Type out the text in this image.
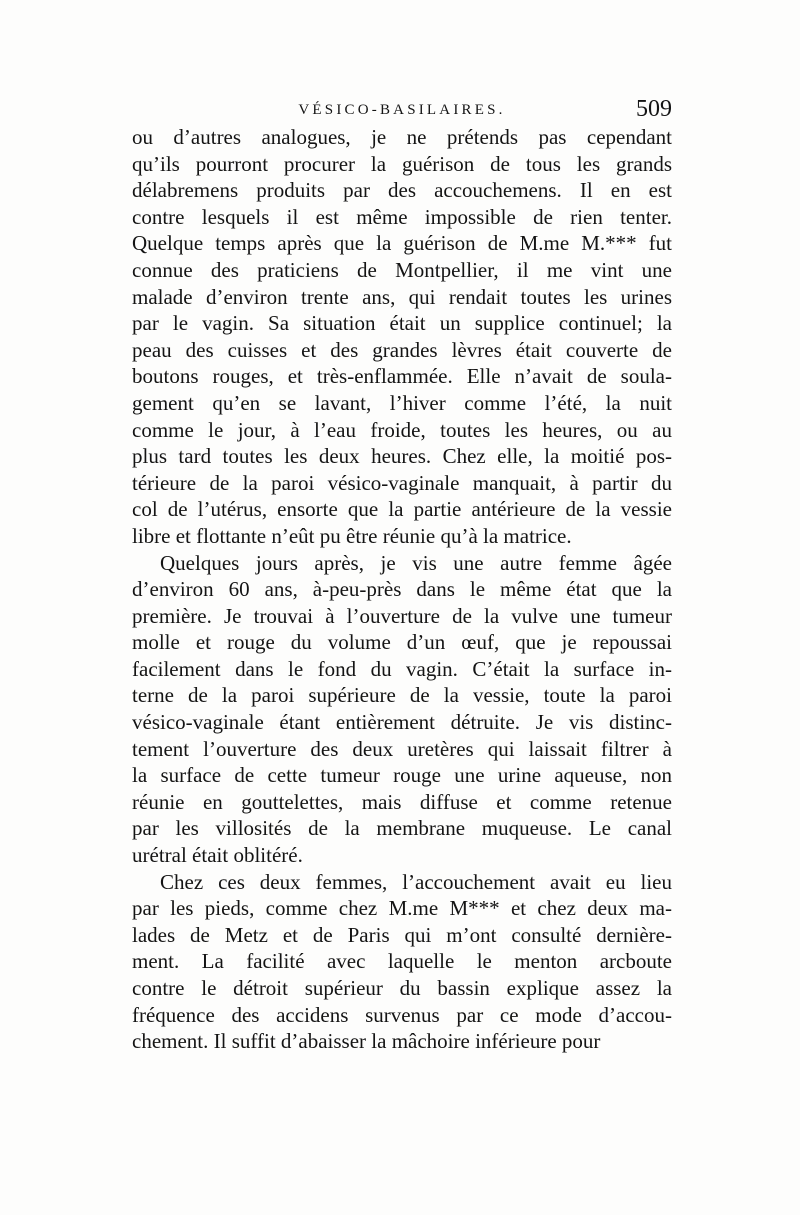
VÉSICO-BASILAIRES.	509
ou d’autres analogues, je ne prétends pas cependant
qu’ils pourront procurer la guérison de tous les grands
délabremens produits par des accouchemens. Il en est
contre lesquels il est même impossible de rien tenter.
Quelque temps après que la guérison de M.me M.*** fut
connue des praticiens de Montpellier, il me vint une
malade d’environ trente ans, qui rendait toutes les urines
par le vagin. Sa situation était un supplice continuel; la
peau des cuisses et des grandes lèvres était couverte de
boutons rouges, et très-enflammée. Elle n’avait de soula-
gement qu’en se lavant, l’hiver comme l’été, la nuit
comme le jour, à l’eau froide, toutes les heures, ou au
plus tard toutes les deux heures. Chez elle, la moitié pos-
térieure de la paroi vésico-vaginale manquait, à partir du
col de l’utérus, ensorte que la partie antérieure de la vessie
libre et flottante n’eût pu être réunie qu’à la matrice.
Quelques jours après, je vis une autre femme âgée
d’environ 60 ans, à-peu-près dans le même état que la
première. Je trouvai à l’ouverture de la vulve une tumeur
molle et rouge du volume d’un œuf, que je repoussai
facilement dans le fond du vagin. C’était la surface in-
terne de la paroi supérieure de la vessie, toute la paroi
vésico-vaginale étant entièrement détruite. Je vis distinc-
tement l’ouverture des deux uretères qui laissait filtrer à
la surface de cette tumeur rouge une urine aqueuse, non
réunie en gouttelettes, mais diffuse et comme retenue
par les villosités de la membrane muqueuse. Le canal
urétral était oblitéré.
Chez ces deux femmes, l’accouchement avait eu lieu
par les pieds, comme chez M.me M*** et chez deux ma-
lades de Metz et de Paris qui m’ont consulté dernière-
ment. La facilité avec laquelle le menton arcboute
contre le détroit supérieur du bassin explique assez la
fréquence des accidens survenus par ce mode d’accou-
chement. Il suffit d’abaisser la mâchoire inférieure pour
